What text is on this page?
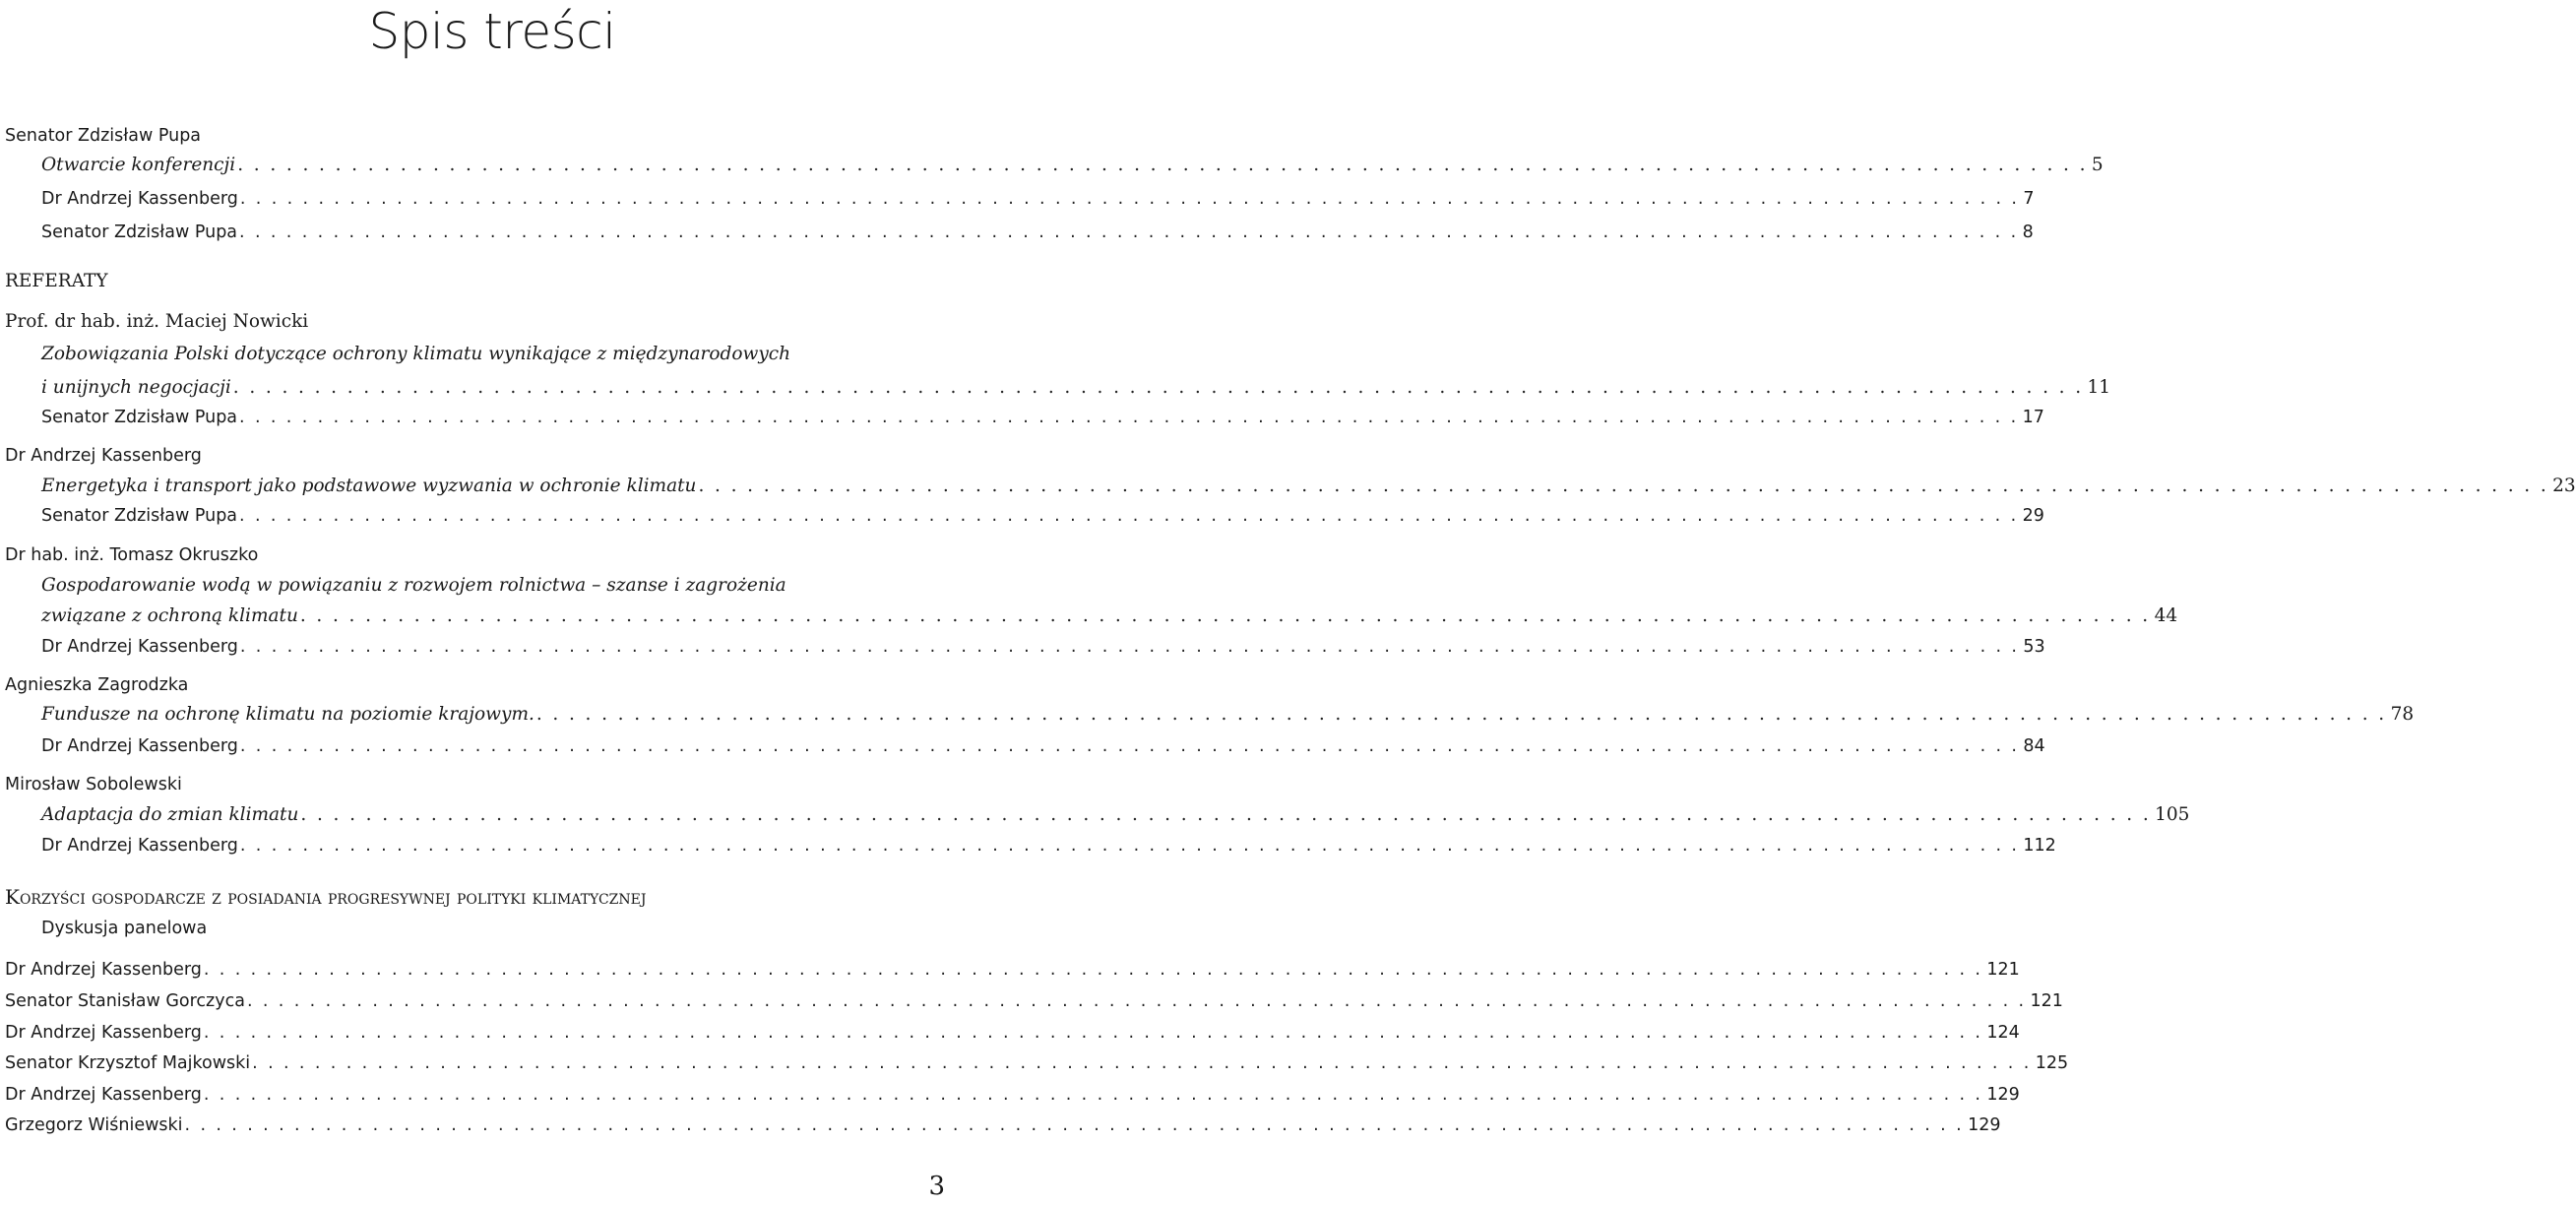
Spis treści
Senator Zdzisław Pupa
Otwarcie konferencji . . . . . . . . . . . . . . . . . . . . . . . . . . . . . . . . . . . . . . . . . . . . . . . . . . . . . . . . . . . . . . . . . . . . . . . . . . . . . . . . . . . . . . . . . . . . . . . . . . . . . . . . . . . . . . . . . . 5
Dr Andrzej Kassenberg . . . . . . . . . . . . . . . . . . . . . . . . . . . . . . . . . . . . . . . . . . . . . . . . . . . . . . . . . . . . . . . . . . . . . . . . . . . . . . . . . . . . . . . . . . . . . . . . . . . . . . . . . . . . . . . . . . 7
Senator Zdzisław Pupa . . . . . . . . . . . . . . . . . . . . . . . . . . . . . . . . . . . . . . . . . . . . . . . . . . . . . . . . . . . . . . . . . . . . . . . . . . . . . . . . . . . . . . . . . . . . . . . . . . . . . . . . . . . . . . . . . . 8
REFERATY
Prof. dr hab. inż. Maciej Nowicki
Zobowiązania Polski dotyczące ochrony klimatu wynikające z międzynarodowych
i unijnych negocjacji . . . . . . . . . . . . . . . . . . . . . . . . . . . . . . . . . . . . . . . . . . . . . . . . . . . . . . . . . . . . . . . . . . . . . . . . . . . . . . . . . . . . . . . . . . . . . . . . . . . . . . . . . . . . . . . . . . 11
Senator Zdzisław Pupa . . . . . . . . . . . . . . . . . . . . . . . . . . . . . . . . . . . . . . . . . . . . . . . . . . . . . . . . . . . . . . . . . . . . . . . . . . . . . . . . . . . . . . . . . . . . . . . . . . . . . . . . . . . . . . . . . . 17
Dr Andrzej Kassenberg
Energetyka i transport jako podstawowe wyzwania w ochronie klimatu . . . . . . . . . . . . . . . . . . . . . . . . . . . . . . . . . . . . . . . . . . . . . . . . . . . . . . . . . . . . . . . . . . . . . . . . . . . . . . . . . . . . . . . . . . . . . . . . . . . . . . . . . . . . . . . . . . 23
Senator Zdzisław Pupa . . . . . . . . . . . . . . . . . . . . . . . . . . . . . . . . . . . . . . . . . . . . . . . . . . . . . . . . . . . . . . . . . . . . . . . . . . . . . . . . . . . . . . . . . . . . . . . . . . . . . . . . . . . . . . . . . . 29
Dr hab. inż. Tomasz Okruszko
Gospodarowanie wodą w powiązaniu z rozwojem rolnictwa – szanse i zagrożenia
związane z ochroną klimatu . . . . . . . . . . . . . . . . . . . . . . . . . . . . . . . . . . . . . . . . . . . . . . . . . . . . . . . . . . . . . . . . . . . . . . . . . . . . . . . . . . . . . . . . . . . . . . . . . . . . . . . . . . . . . . . . . . 44
Dr Andrzej Kassenberg . . . . . . . . . . . . . . . . . . . . . . . . . . . . . . . . . . . . . . . . . . . . . . . . . . . . . . . . . . . . . . . . . . . . . . . . . . . . . . . . . . . . . . . . . . . . . . . . . . . . . . . . . . . . . . . . . . 53
Agnieszka Zagrodzka
Fundusze na ochronę klimatu na poziomie krajowym. . . . . . . . . . . . . . . . . . . . . . . . . . . . . . . . . . . . . . . . . . . . . . . . . . . . . . . . . . . . . . . . . . . . . . . . . . . . . . . . . . . . . . . . . . . . . . . . . . . . . . . . . . . . . . . . . . . 78
Dr Andrzej Kassenberg . . . . . . . . . . . . . . . . . . . . . . . . . . . . . . . . . . . . . . . . . . . . . . . . . . . . . . . . . . . . . . . . . . . . . . . . . . . . . . . . . . . . . . . . . . . . . . . . . . . . . . . . . . . . . . . . . . 84
Mirosław Sobolewski
Adaptacja do zmian klimatu . . . . . . . . . . . . . . . . . . . . . . . . . . . . . . . . . . . . . . . . . . . . . . . . . . . . . . . . . . . . . . . . . . . . . . . . . . . . . . . . . . . . . . . . . . . . . . . . . . . . . . . . . . . . . . . . . . 105
Dr Andrzej Kassenberg . . . . . . . . . . . . . . . . . . . . . . . . . . . . . . . . . . . . . . . . . . . . . . . . . . . . . . . . . . . . . . . . . . . . . . . . . . . . . . . . . . . . . . . . . . . . . . . . . . . . . . . . . . . . . . . . . . 112
Korzyści gospodarcze z posiadania progresywnej polityki klimatycznej
Dyskusja panelowa
Dr Andrzej Kassenberg . . . . . . . . . . . . . . . . . . . . . . . . . . . . . . . . . . . . . . . . . . . . . . . . . . . . . . . . . . . . . . . . . . . . . . . . . . . . . . . . . . . . . . . . . . . . . . . . . . . . . . . . . . . . . . . . . . 121
Senator Stanisław Gorczyca . . . . . . . . . . . . . . . . . . . . . . . . . . . . . . . . . . . . . . . . . . . . . . . . . . . . . . . . . . . . . . . . . . . . . . . . . . . . . . . . . . . . . . . . . . . . . . . . . . . . . . . . . . . . . . . . . . 121
Dr Andrzej Kassenberg . . . . . . . . . . . . . . . . . . . . . . . . . . . . . . . . . . . . . . . . . . . . . . . . . . . . . . . . . . . . . . . . . . . . . . . . . . . . . . . . . . . . . . . . . . . . . . . . . . . . . . . . . . . . . . . . . . 124
Senator Krzysztof Majkowski . . . . . . . . . . . . . . . . . . . . . . . . . . . . . . . . . . . . . . . . . . . . . . . . . . . . . . . . . . . . . . . . . . . . . . . . . . . . . . . . . . . . . . . . . . . . . . . . . . . . . . . . . . . . . . . . . . 125
Dr Andrzej Kassenberg . . . . . . . . . . . . . . . . . . . . . . . . . . . . . . . . . . . . . . . . . . . . . . . . . . . . . . . . . . . . . . . . . . . . . . . . . . . . . . . . . . . . . . . . . . . . . . . . . . . . . . . . . . . . . . . . . . 129
Grzegorz Wiśniewski . . . . . . . . . . . . . . . . . . . . . . . . . . . . . . . . . . . . . . . . . . . . . . . . . . . . . . . . . . . . . . . . . . . . . . . . . . . . . . . . . . . . . . . . . . . . . . . . . . . . . . . . . . . . . . . . . . 129
3
